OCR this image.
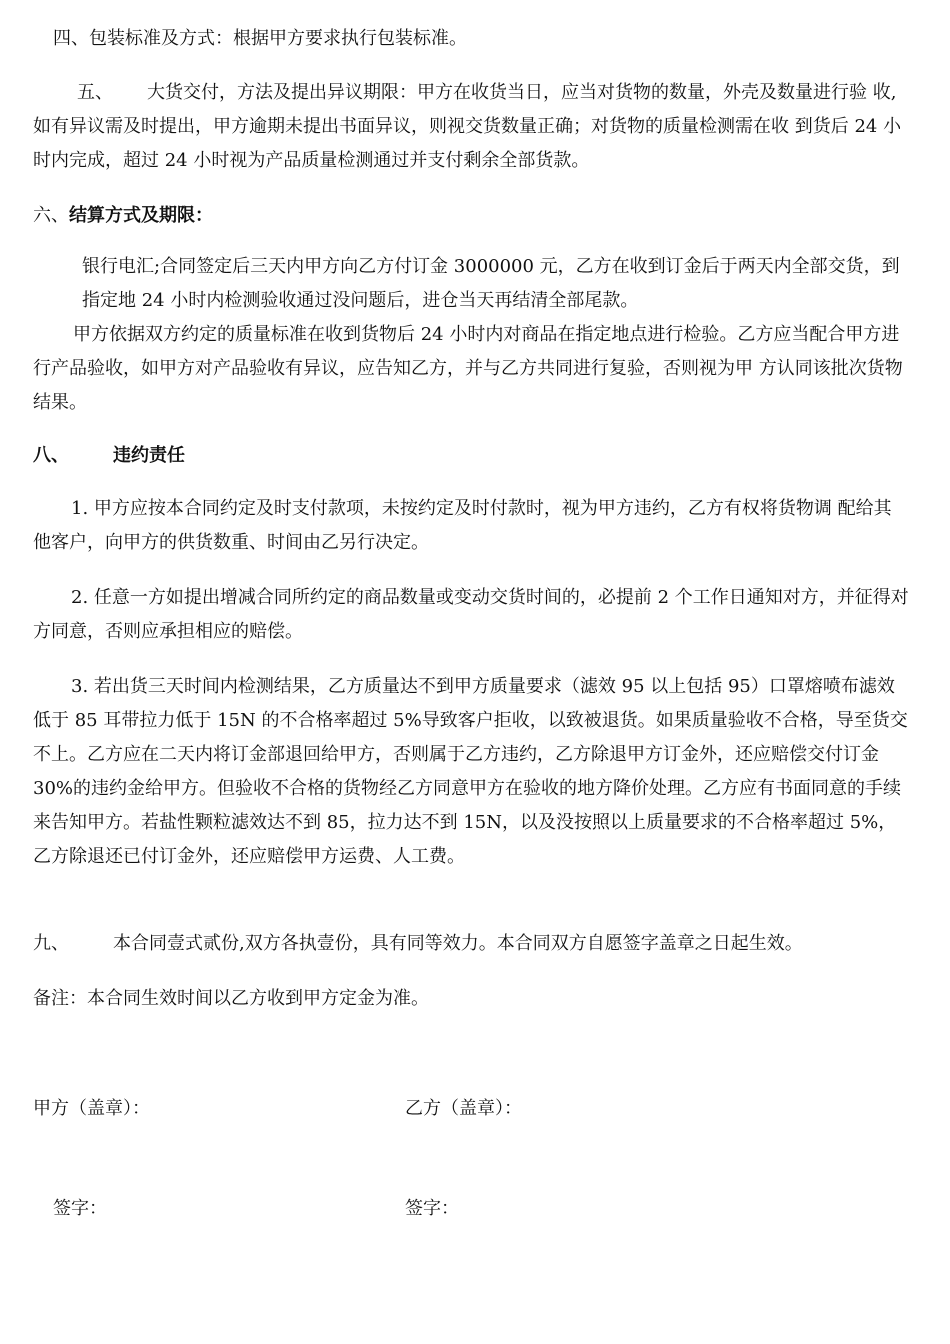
四、包装标准及方式：根据甲方要求执行包装标准。

五、 大货交付，方法及提出异议期限：甲方在收货当日，应当对货物的数量，外壳及数量进行验 收,如有异议需及时提出，甲方逾期未提出书面异议，则视交货数量正确；对货物的质量检测需在收 到货后 24 小时内完成，超过 24 小时视为产品质量检测通过并支付剩余全部货款。

六、结算方式及期限：

银行电汇;合同签定后三天内甲方向乙方付订金 3000000 元，乙方在收到订金后于两天内全部交货，到指定地 24 小时内检测验收通过没问题后，进仓当天再结清全部尾款。

甲方依据双方约定的质量标准在收到货物后 24 小时内对商品在指定地点进行检验。乙方应当配合甲方进行产品验收，如甲方对产品验收有异议，应告知乙方，并与乙方共同进行复验，否则视为甲 方认同该批次货物结果。

八、 违约责任

1. 甲方应按本合同约定及时支付款项，未按约定及时付款时，视为甲方违约，乙方有权将货物调 配给其他客户，向甲方的供货数重、时间由乙另行决定。

2. 任意一方如提出增减合同所约定的商品数量或变动交货时间的，必提前 2 个工作日通知对方，并征得对方同意，否则应承担相应的赔偿。

3. 若出货三天时间内检测结果，乙方质量达不到甲方质量要求（滤效 95 以上包括 95）口罩熔喷布滤效低于 85 耳带拉力低于 15N 的不合格率超过 5%导致客户拒收，以致被退货。如果质量验收不合格，导至货交不上。乙方应在二天内将订金部退回给甲方，否则属于乙方违约，乙方除退甲方订金外，还应赔偿交付订金 30%的违约金给甲方。但验收不合格的货物经乙方同意甲方在验收的地方降价处理。乙方应有书面同意的手续来告知甲方。若盐性颗粒滤效达不到 85，拉力达不到 15N，以及没按照以上质量要求的不合格率超过 5%，乙方除退还已付订金外，还应赔偿甲方运费、人工费。

九、 本合同壹式贰份,双方各执壹份，具有同等效力。本合同双方自愿签字盖章之日起生效。

备注：本合同生效时间以乙方收到甲方定金为准。

甲方（盖章）：	乙方（盖章）：
签字：	签字：
